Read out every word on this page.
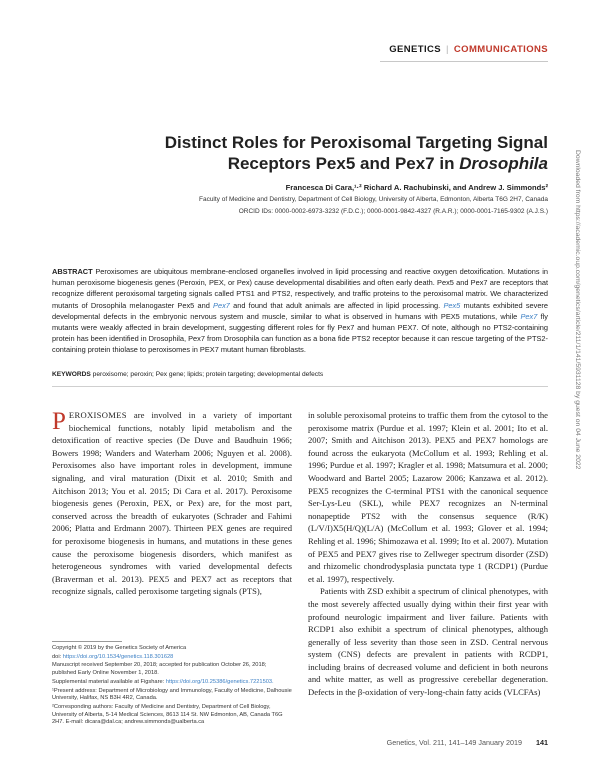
GENETICS | COMMUNICATIONS
Distinct Roles for Peroxisomal Targeting Signal
Receptors Pex5 and Pex7 in Drosophila
Francesca Di Cara,¹·² Richard A. Rachubinski, and Andrew J. Simmonds²
Faculty of Medicine and Dentistry, Department of Cell Biology, University of Alberta, Edmonton, Alberta T6G 2H7, Canada
ORCID IDs: 0000-0002-6973-3232 (F.D.C.); 0000-0001-9842-4327 (R.A.R.); 0000-0001-7165-9302 (A.J.S.)	Downloaded from https://academic.oup.com/genetics/article/211/1/141/5931128 by guest on 04 June 2022
ABSTRACT Peroxisomes are ubiquitous membrane-enclosed organelles involved in lipid processing and reactive oxygen detoxification. Mutations in human peroxisome biogenesis genes (Peroxin, PEX, or Pex) cause developmental disabilities and often early death. Pex5 and Pex7 are receptors that recognize different peroxisomal targeting signals called PTS1 and PTS2, respectively, and traffic proteins to the peroxisomal matrix. We characterized mutants of Drosophila melanogaster Pex5 and Pex7 and found that adult animals are affected in lipid processing. Pex5 mutants exhibited severe developmental defects in the embryonic nervous system and muscle, similar to what is observed in humans with PEX5 mutations, while Pex7 fly mutants were weakly affected in brain development, suggesting different roles for fly Pex7 and human PEX7. Of note, although no PTS2-containing protein has been identified in Drosophila, Pex7 from Drosophila can function as a bona fide PTS2 receptor because it can rescue targeting of the PTS2-containing protein thiolase to peroxisomes in PEX7 mutant human fibroblasts.
KEYWORDS peroxisome; peroxin; Pex gene; lipids; protein targeting; developmental defects

PEROXISOMES are involved in a variety of important biochemical functions, notably lipid metabolism and the detoxification of reactive species (De Duve and Baudhuin 1966; Bowers 1998; Wanders and Waterham 2006; Nguyen et al. 2008). Peroxisomes also have important roles in development, immune signaling, and viral maturation (Dixit et al. 2010; Smith and Aitchison 2013; You et al. 2015; Di Cara et al. 2017). Peroxisome biogenesis genes (Peroxin, PEX, or Pex) are, for the most part, conserved across the breadth of eukaryotes (Schrader and Fahimi 2006; Platta and Erdmann 2007). Thirteen PEX genes are required for peroxisome biogenesis in humans, and mutations in these genes cause the peroxisome biogenesis disorders, which manifest as heterogeneous syndromes with varied developmental defects (Braverman et al. 2013). PEX5 and PEX7 act as receptors that recognize signals, called peroxisome targeting signals (PTS),

in soluble peroxisomal proteins to traffic them from the cytosol to the peroxisome matrix (Purdue et al. 1997; Klein et al. 2001; Ito et al. 2007; Smith and Aitchison 2013). PEX5 and PEX7 homologs are found across the eukaryota (McCollum et al. 1993; Rehling et al. 1996; Purdue et al. 1997; Kragler et al. 1998; Matsumura et al. 2000; Woodward and Bartel 2005; Lazarow 2006; Kanzawa et al. 2012). PEX5 recognizes the C-terminal PTS1 with the canonical sequence Ser-Lys-Leu (SKL), while PEX7 recognizes an N-terminal nonapeptide PTS2 with the consensus sequence (R/K)(L/V/I)X5(H/Q)(L/A) (McCollum et al. 1993; Glover et al. 1994; Rehling et al. 1996; Shimozawa et al. 1999; Ito et al. 2007). Mutation of PEX5 and PEX7 gives rise to Zellweger spectrum disorder (ZSD) and rhizomelic chondrodysplasia punctata type 1 (RCDP1) (Purdue et al. 1997), respectively.

Patients with ZSD exhibit a spectrum of clinical phenotypes, with the most severely affected usually dying within their first year with profound neurologic impairment and liver failure. Patients with RCDP1 also exhibit a spectrum of clinical phenotypes, although generally of less severity than those seen in ZSD. Central nervous system (CNS) defects are prevalent in patients with RCDP1, including brains of decreased volume and deficient in both neurons and white matter, as well as progressive cerebellar degeneration. Defects in the β-oxidation of very-long-chain fatty acids (VLCFAs)

Copyright © 2019 by the Genetics Society of America

doi: https://doi.org/10.1534/genetics.118.301628

Manuscript received September 20, 2018; accepted for publication October 26, 2018; published Early Online November 1, 2018.

Supplemental material available at Figshare: https://doi.org/10.25386/genetics.7221503.

¹Present address: Department of Microbiology and Immunology, Faculty of Medicine, Dalhousie University, Halifax, NS B3H 4R2, Canada.

²Corresponding authors: Faculty of Medicine and Dentistry, Department of Cell Biology, University of Alberta, 5-14 Medical Sciences, 8613 114 St. NW Edmonton, AB, Canada T6G 2H7. E-mail: dicara@dal.ca; andrew.simmonds@ualberta.ca

Genetics, Vol. 211, 141–149 January 2019 141
